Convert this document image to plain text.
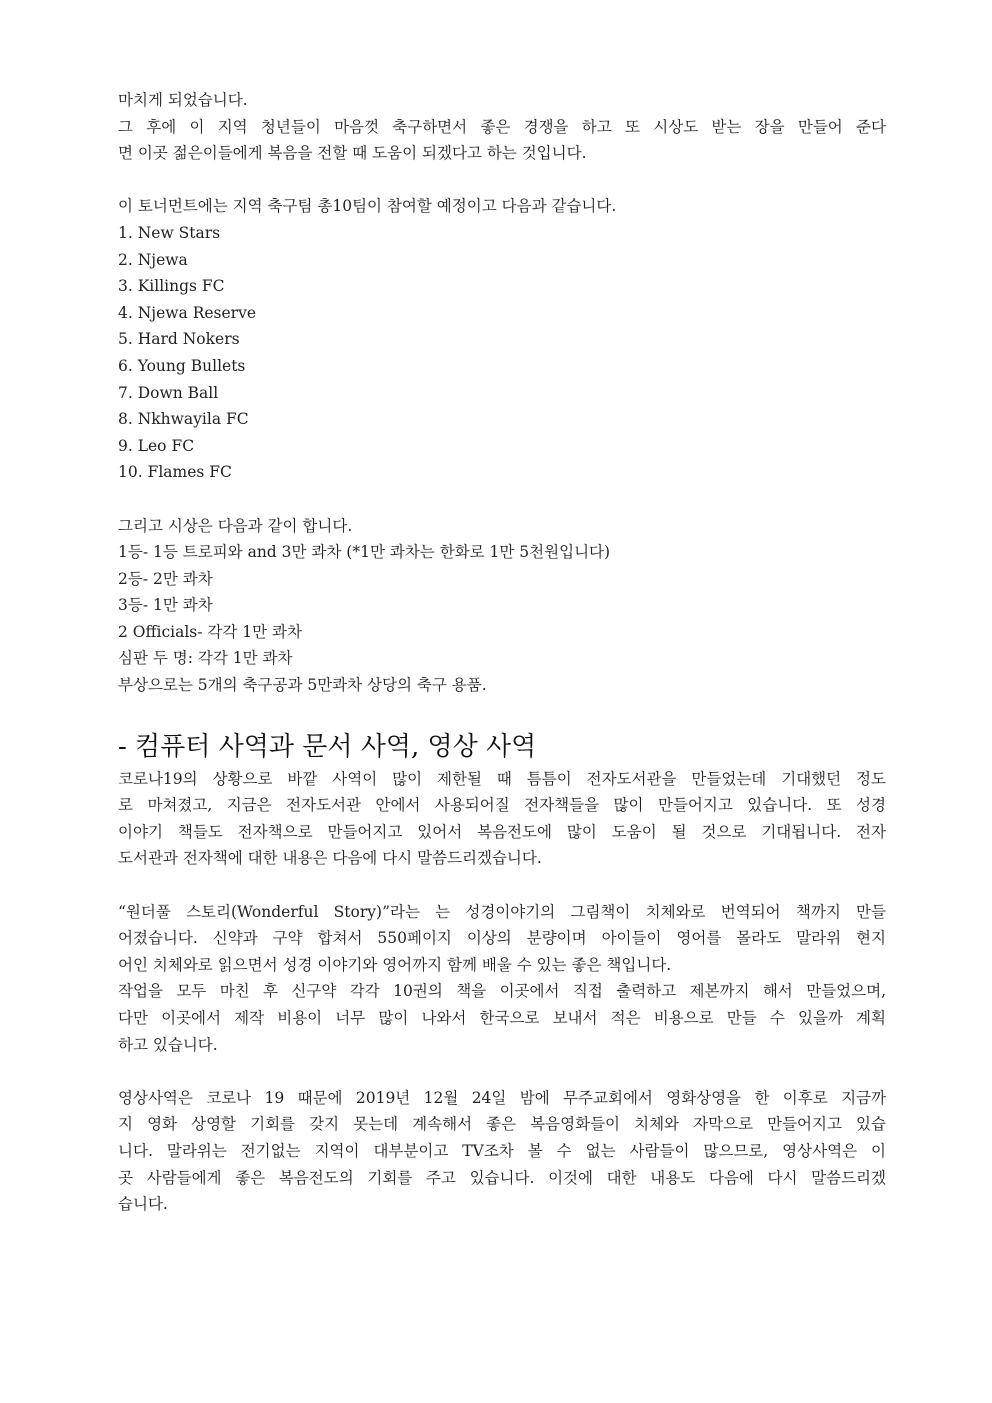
마치게 되었습니다.
그 후에 이 지역 청년들이 마음껏 축구하면서 좋은 경쟁을 하고 또 시상도 받는 장을 만들어 준다
면 이곳 젊은이들에게 복음을 전할 때 도움이 되겠다고 하는 것입니다.
이 토너먼트에는 지역 축구팀 총10팀이 참여할 예정이고 다음과 같습니다.
1. New Stars
2. Njewa
3. Killings FC
4. Njewa Reserve
5. Hard Nokers
6. Young Bullets
7. Down Ball
8. Nkhwayila FC
9. Leo FC
10. Flames FC
그리고 시상은 다음과 같이 합니다.
1등- 1등 트로피와 and 3만 콰차 (*1만 콰차는 한화로 1만 5천원입니다)
2등- 2만 콰차
3등- 1만 콰차
2 Officials- 각각 1만 콰차
심판 두 명: 각각 1만 콰차
부상으로는 5개의 축구공과 5만콰차 상당의 축구 용품.
- 컴퓨터 사역과 문서 사역, 영상 사역
코로나19의 상황으로 바깥 사역이 많이 제한될 때 틈틈이 전자도서관을 만들었는데 기대했던 정도
로 마쳐졌고, 지금은 전자도서관 안에서 사용되어질 전자책들을 많이 만들어지고 있습니다. 또 성경
이야기 책들도 전자책으로 만들어지고 있어서 복음전도에 많이 도움이 될 것으로 기대됩니다. 전자
도서관과 전자책에 대한 내용은 다음에 다시 말씀드리겠습니다.
“원더풀 스토리(Wonderful Story)”라는 는 성경이야기의 그림책이 치체와로 번역되어 책까지 만들
어졌습니다. 신약과 구약 합쳐서 550페이지 이상의 분량이며 아이들이 영어를 몰라도 말라위 현지
어인 치체와로 읽으면서 성경 이야기와 영어까지 함께 배울 수 있는 좋은 책입니다.
작업을 모두 마친 후 신구약 각각 10권의 책을 이곳에서 직접 출력하고 제본까지 해서 만들었으며,
다만 이곳에서 제작 비용이 너무 많이 나와서 한국으로 보내서 적은 비용으로 만들 수 있을까 계획
하고 있습니다.
영상사역은 코로나 19 때문에 2019년 12월 24일 밤에 무주교회에서 영화상영을 한 이후로 지금까
지 영화 상영할 기회를 갖지 못는데 계속해서 좋은 복음영화들이 치체와 자막으로 만들어지고 있습
니다. 말라위는 전기없는 지역이 대부분이고 TV조차 볼 수 없는 사람들이 많으므로, 영상사역은 이
곳 사람들에게 좋은 복음전도의 기회를 주고 있습니다. 이것에 대한 내용도 다음에 다시 말씀드리겠
습니다.
